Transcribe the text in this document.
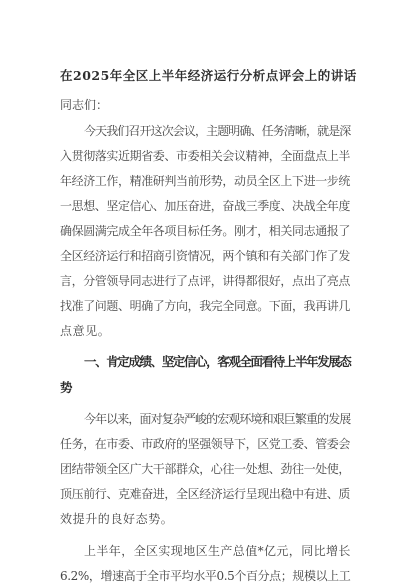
在2025年全区上半年经济运行分析点评会上的讲话
同志们：
今天我们召开这次会议，主题明确、任务清晰，就是深
入贯彻落实近期省委、市委相关会议精神，全面盘点上半
年经济工作，精准研判当前形势，动员全区上下进一步统
一思想、坚定信心、加压奋进，奋战三季度、决战全年度
确保圆满完成全年各项目标任务。刚才，相关同志通报了
全区经济运行和招商引资情况，两个镇和有关部门作了发
言，分管领导同志进行了点评，讲得都很好，点出了亮点
找准了问题、明确了方向，我完全同意。下面，我再讲几
点意见。
一、肯定成绩、坚定信心，客观全面看待上半年发展态
势
今年以来，面对复杂严峻的宏观环境和艰巨繁重的发展
任务，在市委、市政府的坚强领导下，区党工委、管委会
团结带领全区广大干部群众，心往一处想、劲往一处使，
顶压前行、克难奋进，全区经济运行呈现出稳中有进、质
效提升的良好态势。
上半年，全区实现地区生产总值*亿元，同比增长
6.2%，增速高于全市平均水平0.5个百分点；规模以上工
